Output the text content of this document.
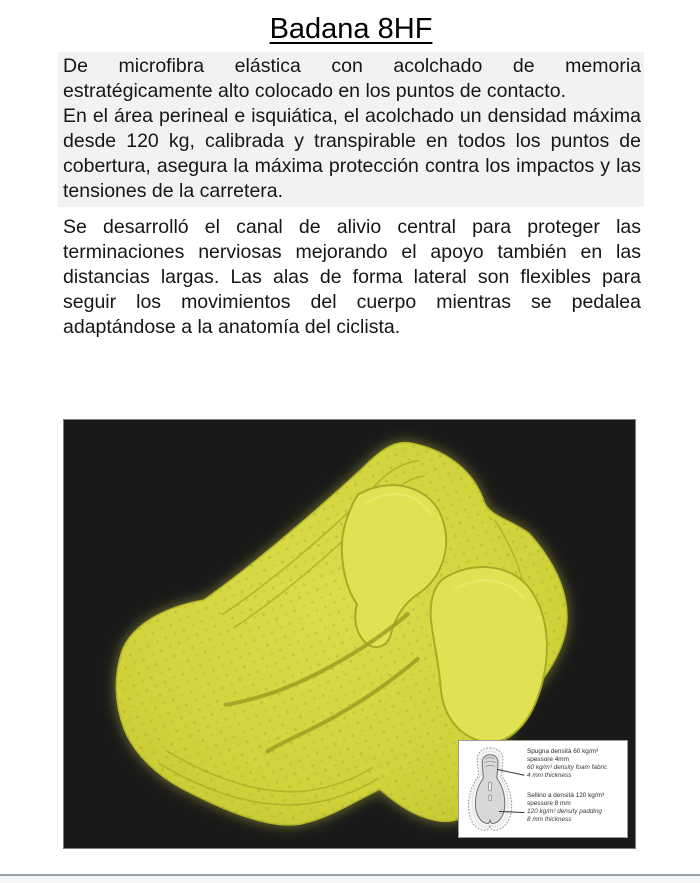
Badana 8HF

De microfibra elástica con acolchado de memoria estratégicamente alto colocado en los puntos de contacto.

En el área perineal e isquiática, el acolchado un densidad máxima desde 120 kg, calibrada y transpirable en todos los puntos de cobertura, asegura la máxima protección contra los impactos y las tensiones de la carretera.

Se desarrolló el canal de alivio central para proteger las terminaciones nerviosas mejorando el apoyo también en las distancias largas. Las alas de forma lateral son flexibles para seguir los movimientos del cuerpo mientras se pedalea adaptándose a la anatomía del ciclista.

Spugna densità 60 kg/m³
spessore 4mm
60 kg/m³ density foam fabric
4 mm thickness
Sellino a densità 120 kg/m³
spessore 8 mm
120 kg/m³ density padding
8 mm thickness
